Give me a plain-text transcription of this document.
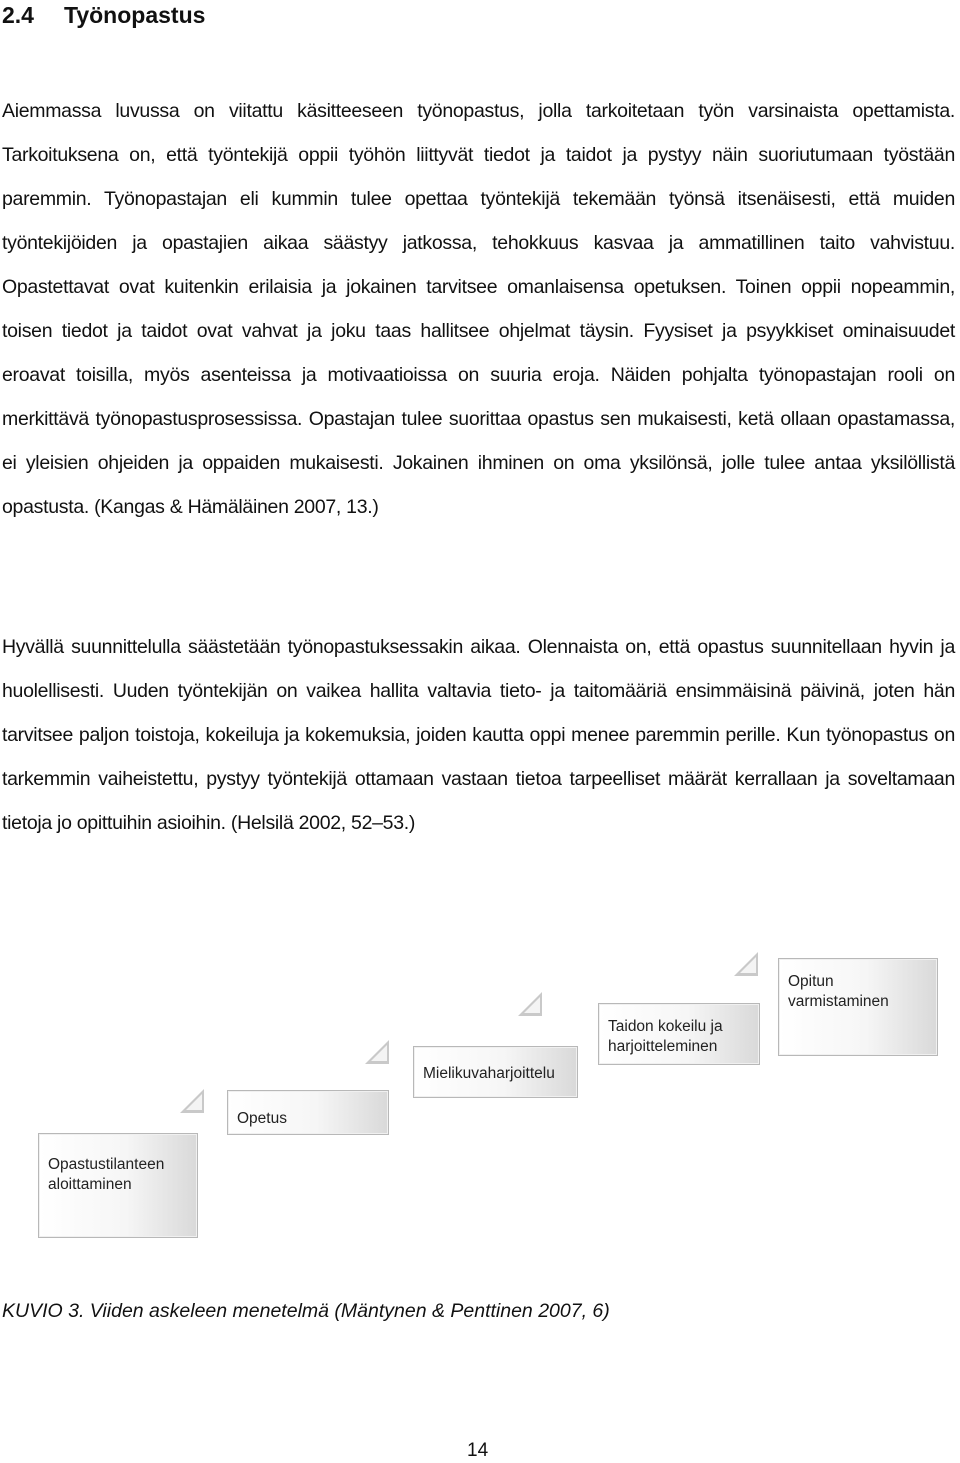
2.4 Työnopastus

Aiemmassa luvussa on viitattu käsitteeseen työnopastus, jolla tarkoitetaan työn varsinaista opettamista. Tarkoituksena on, että työntekijä oppii työhön liittyvät tiedot ja taidot ja pystyy näin suoriutumaan työstään paremmin. Työnopastajan eli kummin tulee opettaa työntekijä tekemään työnsä itsenäisesti, että muiden työntekijöiden ja opastajien aikaa säästyy jatkossa, tehokkuus kasvaa ja ammatillinen taito vahvistuu. Opastettavat ovat kuitenkin erilaisia ja jokainen tarvitsee omanlaisensa opetuksen. Toinen oppii nopeammin, toisen tiedot ja taidot ovat vahvat ja joku taas hallitsee ohjelmat täysin. Fyysiset ja psyykkiset ominaisuudet eroavat toisilla, myös asenteissa ja motivaatioissa on suuria eroja. Näiden pohjalta työnopastajan rooli on merkittävä työnopastusprosessissa. Opastajan tulee suorittaa opastus sen mukaisesti, ketä ollaan opastamassa, ei yleisien ohjeiden ja oppaiden mukaisesti. Jokainen ihminen on oma yksilönsä, jolle tulee antaa yksilöllistä opastusta. (Kangas & Hämäläinen 2007, 13.)

Hyvällä suunnittelulla säästetään työnopastuksessakin aikaa. Olennaista on, että opastus suunnitellaan hyvin ja huolellisesti. Uuden työntekijän on vaikea hallita valtavia tieto- ja taitomääriä ensimmäisinä päivinä, joten hän tarvitsee paljon toistoja, kokeiluja ja kokemuksia, joiden kautta oppi menee paremmin perille. Kun työnopastus on tarkemmin vaiheistettu, pystyy työntekijä ottamaan vastaan tietoa tarpeelliset määrät kerrallaan ja soveltamaan tietoja jo opittuihin asioihin. (Helsilä 2002, 52–53.)

Opastustilanteen aloittaminen
Opetus
Mielikuvaharjoittelu
Taidon kokeilu ja harjoitteleminen
Opitun varmistaminen

KUVIO 3. Viiden askeleen menetelmä (Mäntynen & Penttinen 2007, 6)

14
